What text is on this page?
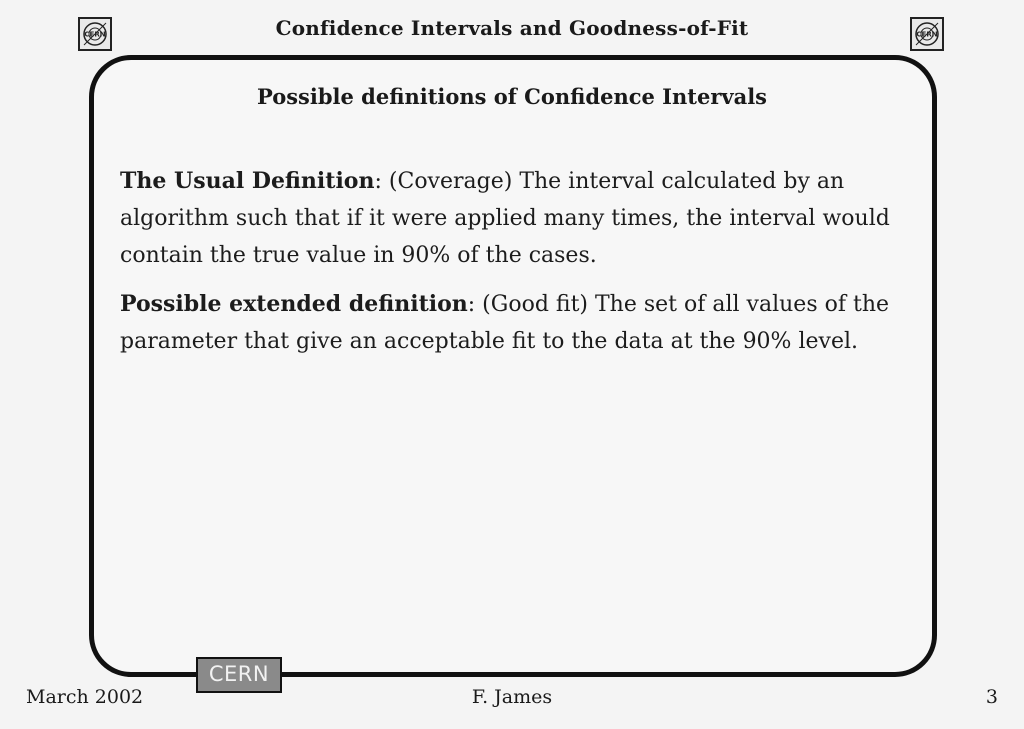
CERN	Confidence Intervals and Goodness-of-Fit	CERN
Possible definitions of Confidence Intervals
The Usual Definition: (Coverage) The interval calculated by an algorithm such that if it were applied many times, the interval would contain the true value in 90% of the cases.
Possible extended definition: (Good fit) The set of all values of the parameter that give an acceptable fit to the data at the 90% level.
CERN
March 2002	F. James	3
